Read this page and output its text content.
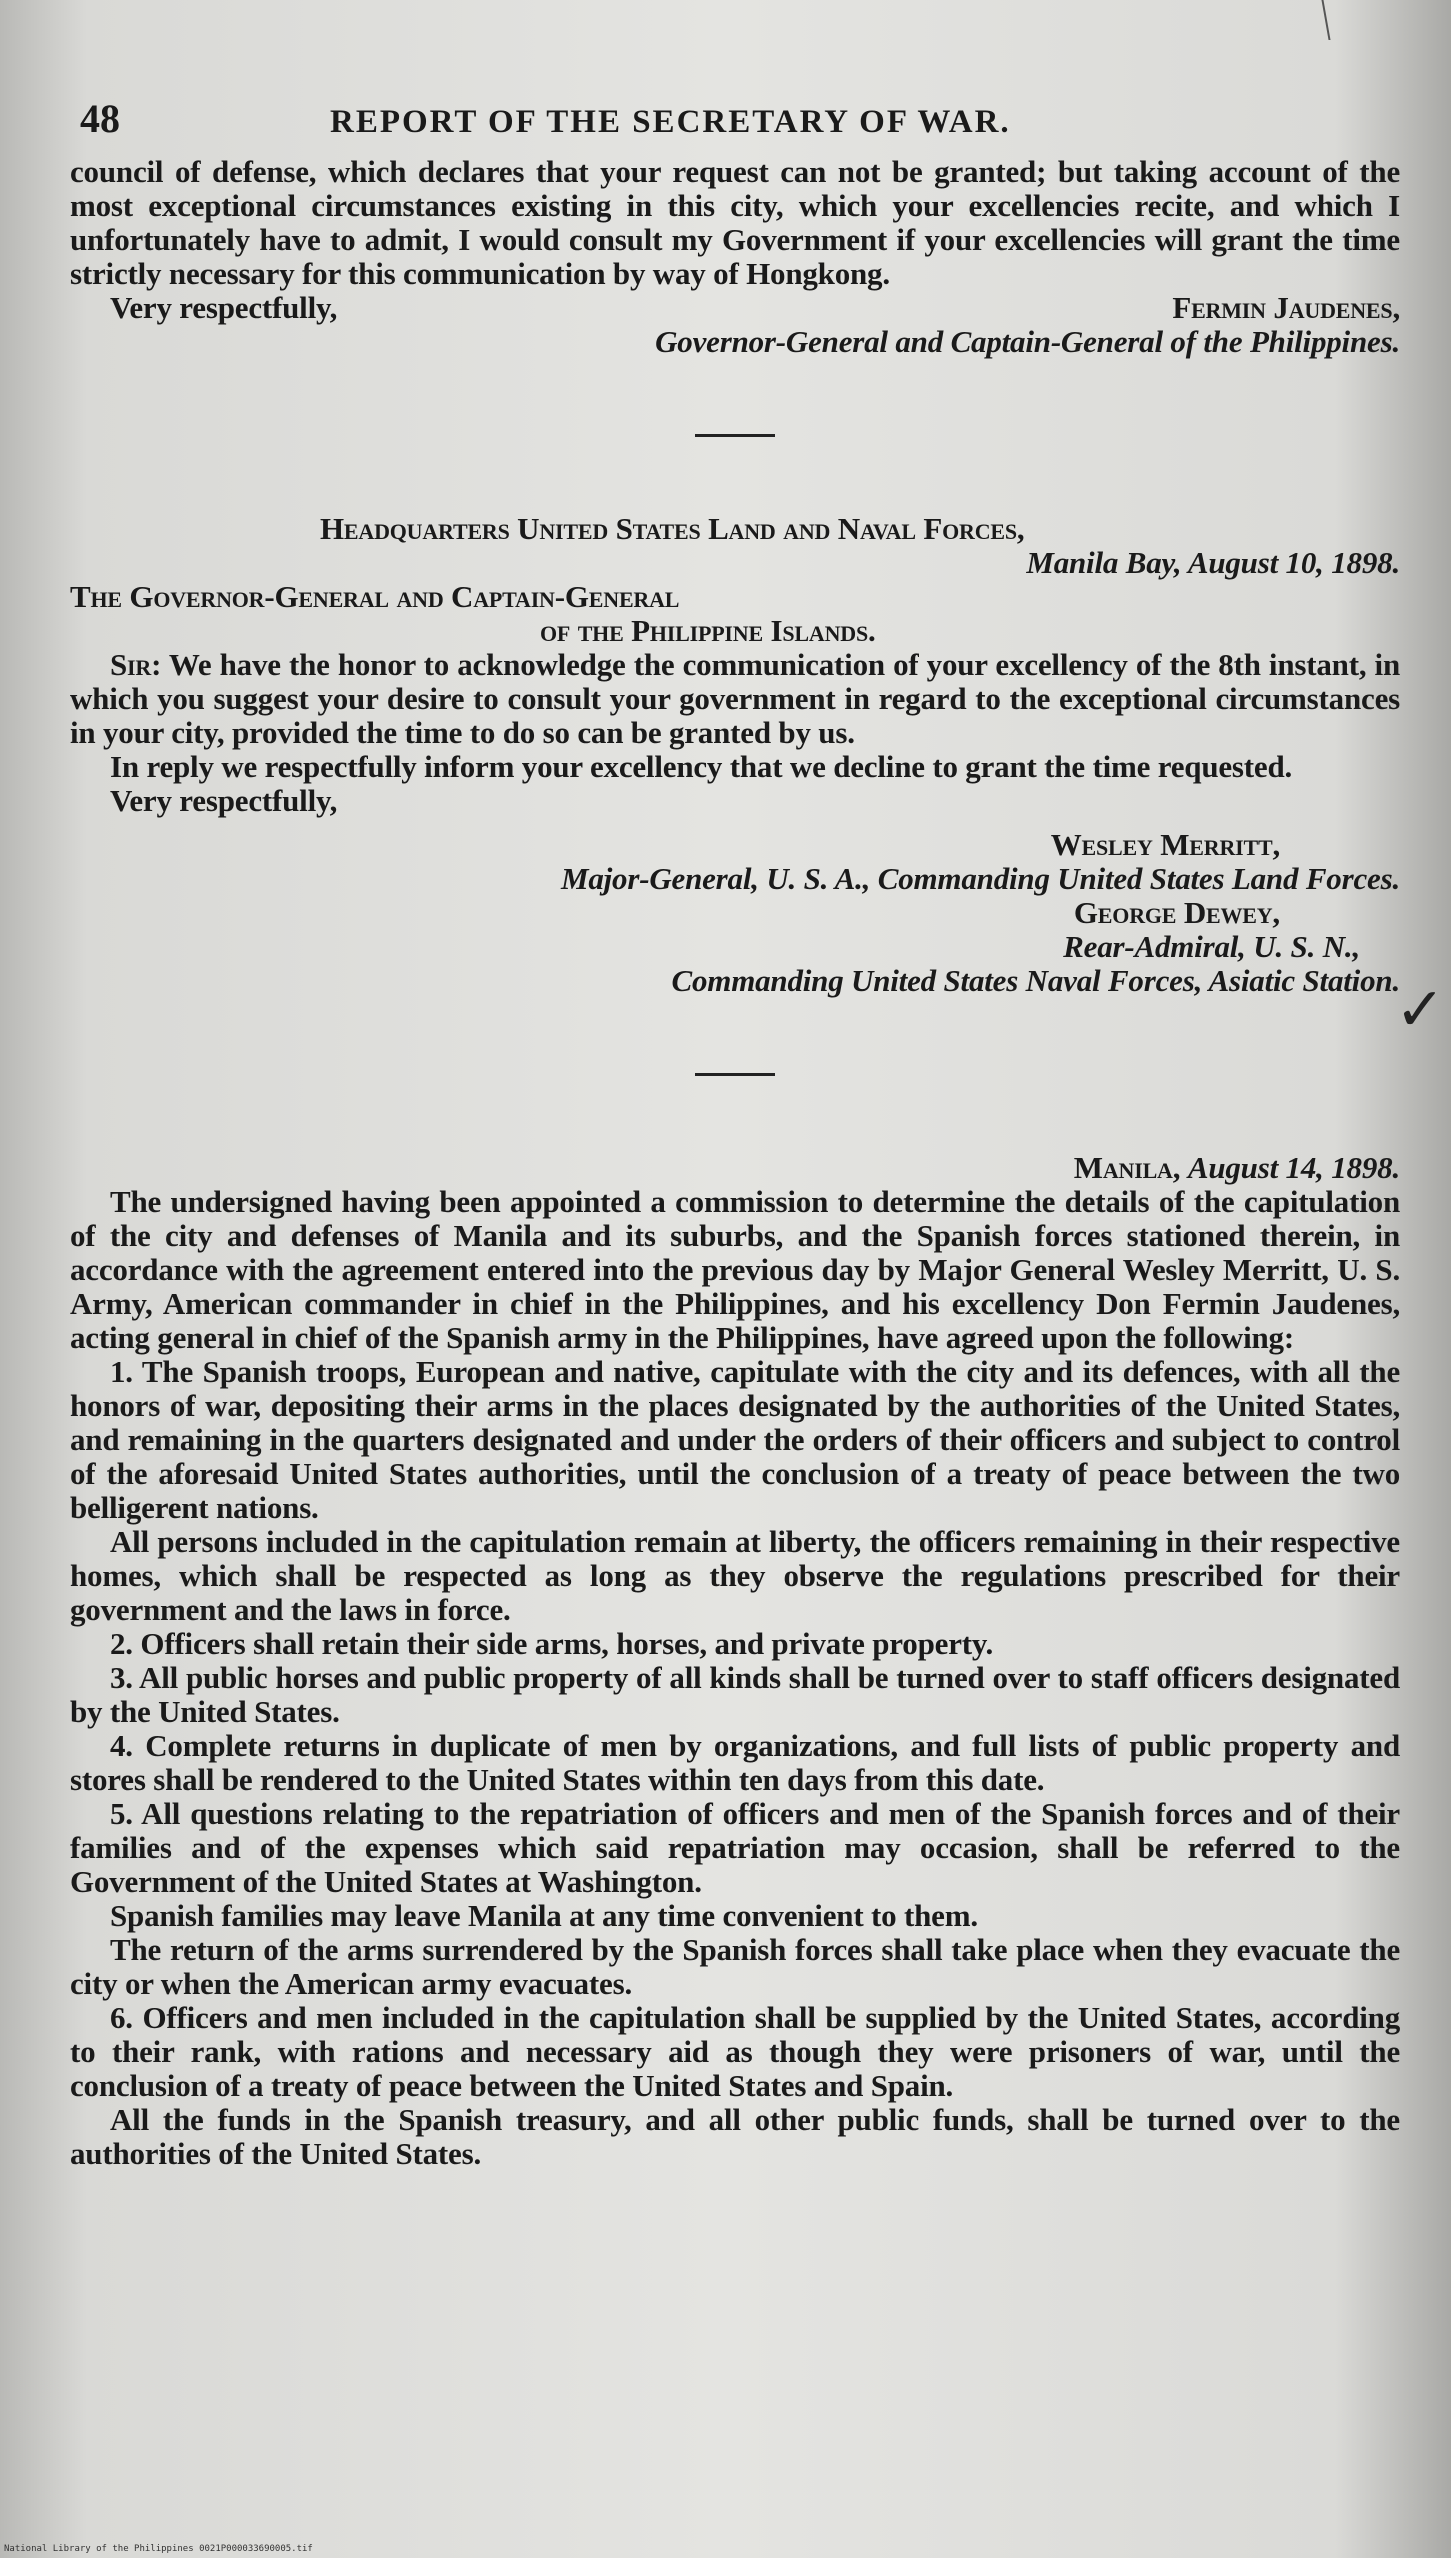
✓
48	REPORT OF THE SECRETARY OF WAR.

council of defense, which declares that your request can not be granted; but taking account of the most exceptional circumstances existing in this city, which your excellencies recite, and which I unfortunately have to admit, I would consult my Government if your excellencies will grant the time strictly necessary for this communication by way of Hongkong.

Very respectfully,	Fermin Jaudenes,

Governor-General and Captain-General of the Philippines.

Headquarters United States Land and Naval Forces,

Manila Bay, August 10, 1898.

The Governor-General and Captain-General

of the Philippine Islands.

Sir: We have the honor to acknowledge the communication of your excellency of the 8th instant, in which you suggest your desire to consult your government in regard to the exceptional circumstances in your city, provided the time to do so can be granted by us.

In reply we respectfully inform your excellency that we decline to grant the time requested.

Very respectfully,

Wesley Merritt,

Major-General, U. S. A., Commanding United States Land Forces.

George Dewey,

Rear-Admiral, U. S. N.,

Commanding United States Naval Forces, Asiatic Station.

Manila, August 14, 1898.

The undersigned having been appointed a commission to determine the details of the capitulation of the city and defenses of Manila and its suburbs, and the Spanish forces stationed therein, in accordance with the agreement entered into the previous day by Major General Wesley Merritt, U. S. Army, American commander in chief in the Philippines, and his excellency Don Fermin Jaudenes, acting general in chief of the Spanish army in the Philippines, have agreed upon the following:

1. The Spanish troops, European and native, capitulate with the city and its defences, with all the honors of war, depositing their arms in the places designated by the authorities of the United States, and remaining in the quarters designated and under the orders of their officers and subject to control of the aforesaid United States authorities, until the conclusion of a treaty of peace between the two belligerent nations.

All persons included in the capitulation remain at liberty, the officers remaining in their respective homes, which shall be respected as long as they observe the regulations prescribed for their government and the laws in force.

2. Officers shall retain their side arms, horses, and private property.

3. All public horses and public property of all kinds shall be turned over to staff officers designated by the United States.

4. Complete returns in duplicate of men by organizations, and full lists of public property and stores shall be rendered to the United States within ten days from this date.

5. All questions relating to the repatriation of officers and men of the Spanish forces and of their families and of the expenses which said repatriation may occasion, shall be referred to the Government of the United States at Washington.

Spanish families may leave Manila at any time convenient to them.

The return of the arms surrendered by the Spanish forces shall take place when they evacuate the city or when the American army evacuates.

6. Officers and men included in the capitulation shall be supplied by the United States, according to their rank, with rations and necessary aid as though they were prisoners of war, until the conclusion of a treaty of peace between the United States and Spain.

All the funds in the Spanish treasury, and all other public funds, shall be turned over to the authorities of the United States.

National Library of the Philippines 0021P000033690005.tif
